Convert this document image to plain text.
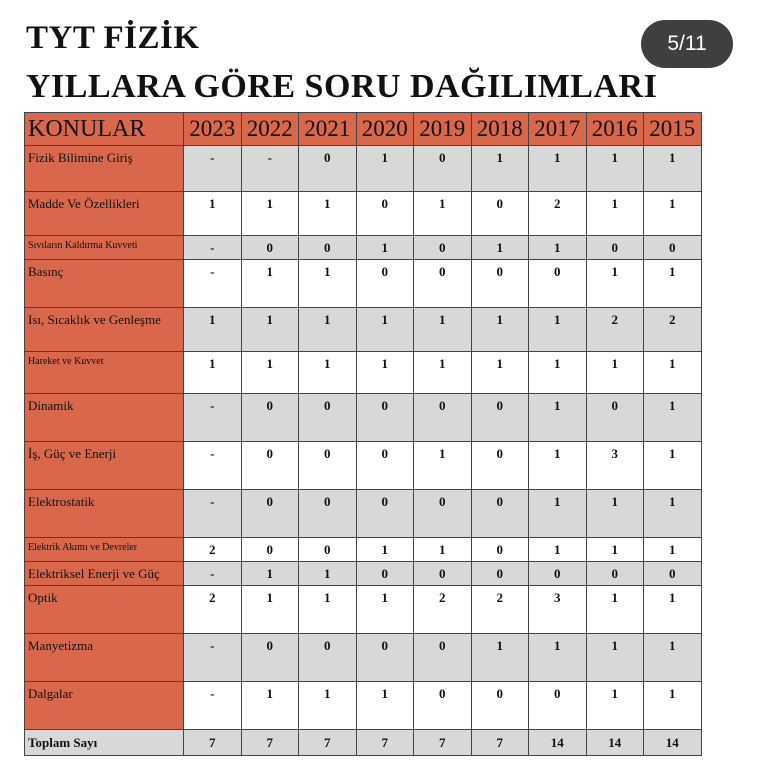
TYT FİZİK
YILLARA GÖRE SORU DAĞILIMLARI
5/11
KONULAR	2023	2022	2021	2020	2019	2018	2017	2016	2015
Fizik Bilimine Giriş	-	-	0	1	0	1	1	1	1
Madde Ve Özellikleri	1	1	1	0	1	0	2	1	1
Sıvıların Kaldırma Kuvveti	-	0	0	1	0	1	1	0	0
Basınç	-	1	1	0	0	0	0	1	1
Isı, Sıcaklık ve Genleşme	1	1	1	1	1	1	1	2	2
Hareket ve Kuvvet	1	1	1	1	1	1	1	1	1
Dinamik	-	0	0	0	0	0	1	0	1
İş, Güç ve Enerji	-	0	0	0	1	0	1	3	1
Elektrostatik	-	0	0	0	0	0	1	1	1
Elektrik Akımı ve Devreler	2	0	0	1	1	0	1	1	1
Elektriksel Enerji ve Güç	-	1	1	0	0	0	0	0	0
Optik	2	1	1	1	2	2	3	1	1
Manyetizma	-	0	0	0	0	1	1	1	1
Dalgalar	-	1	1	1	0	0	0	1	1
Toplam Sayı	7	7	7	7	7	7	14	14	14
